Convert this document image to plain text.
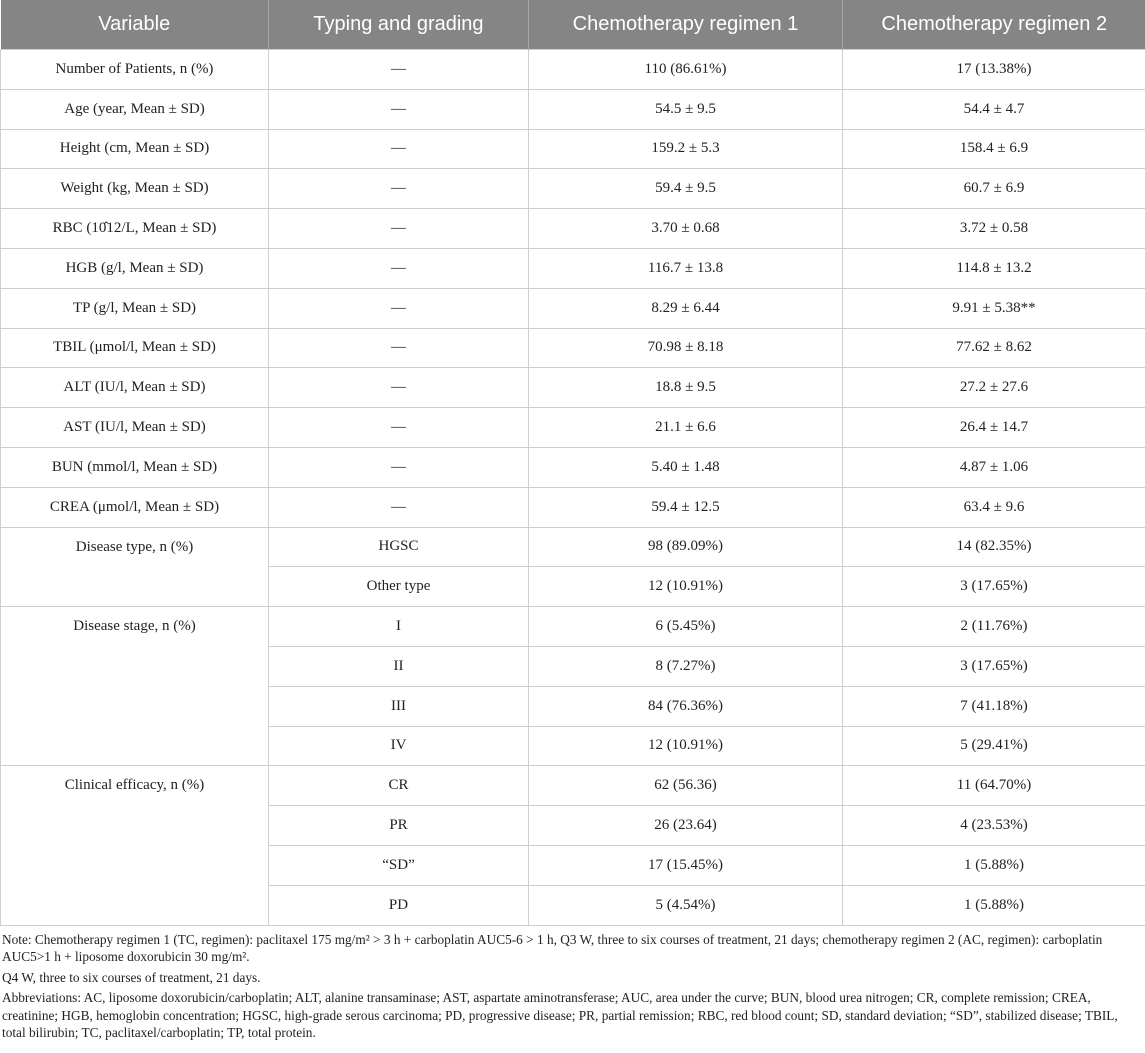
Variable	Typing and grading	Chemotherapy regimen 1	Chemotherapy regimen 2
Number of Patients, n (%)	—	110 (86.61%)	17 (13.38%)
Age (year, Mean ± SD)	—	54.5 ± 9.5	54.4 ± 4.7
Height (cm, Mean ± SD)	—	159.2 ± 5.3	158.4 ± 6.9
Weight (kg, Mean ± SD)	—	59.4 ± 9.5	60.7 ± 6.9
RBC (10̂12/L, Mean ± SD)	—	3.70 ± 0.68	3.72 ± 0.58
HGB (g/l, Mean ± SD)	—	116.7 ± 13.8	114.8 ± 13.2
TP (g/l, Mean ± SD)	—	8.29 ± 6.44	9.91 ± 5.38**
TBIL (μmol/l, Mean ± SD)	—	70.98 ± 8.18	77.62 ± 8.62
ALT (IU/l, Mean ± SD)	—	18.8 ± 9.5	27.2 ± 27.6
AST (IU/l, Mean ± SD)	—	21.1 ± 6.6	26.4 ± 14.7
BUN (mmol/l, Mean ± SD)	—	5.40 ± 1.48	4.87 ± 1.06
CREA (μmol/l, Mean ± SD)	—	59.4 ± 12.5	63.4 ± 9.6
Disease type, n (%)	HGSC	98 (89.09%)	14 (82.35%)
	Other type	12 (10.91%)	3 (17.65%)
Disease stage, n (%)	I	6 (5.45%)	2 (11.76%)
	II	8 (7.27%)	3 (17.65%)
	III	84 (76.36%)	7 (41.18%)
	IV	12 (10.91%)	5 (29.41%)
Clinical efficacy, n (%)	CR	62 (56.36)	11 (64.70%)
	PR	26 (23.64)	4 (23.53%)
	“SD”	17 (15.45%)	1 (5.88%)
	PD	5 (4.54%)	1 (5.88%)

Note: Chemotherapy regimen 1 (TC, regimen): paclitaxel 175 mg/m² > 3 h + carboplatin AUC5-6 > 1 h, Q3 W, three to six courses of treatment, 21 days; chemotherapy regimen 2 (AC, regimen): carboplatin AUC5>1 h + liposome doxorubicin 30 mg/m².

Q4 W, three to six courses of treatment, 21 days.

Abbreviations: AC, liposome doxorubicin/carboplatin; ALT, alanine transaminase; AST, aspartate aminotransferase; AUC, area under the curve; BUN, blood urea nitrogen; CR, complete remission; CREA, creatinine; HGB, hemoglobin concentration; HGSC, high-grade serous carcinoma; PD, progressive disease; PR, partial remission; RBC, red blood count; SD, standard deviation; “SD”, stabilized disease; TBIL, total bilirubin; TC, paclitaxel/carboplatin; TP, total protein.
